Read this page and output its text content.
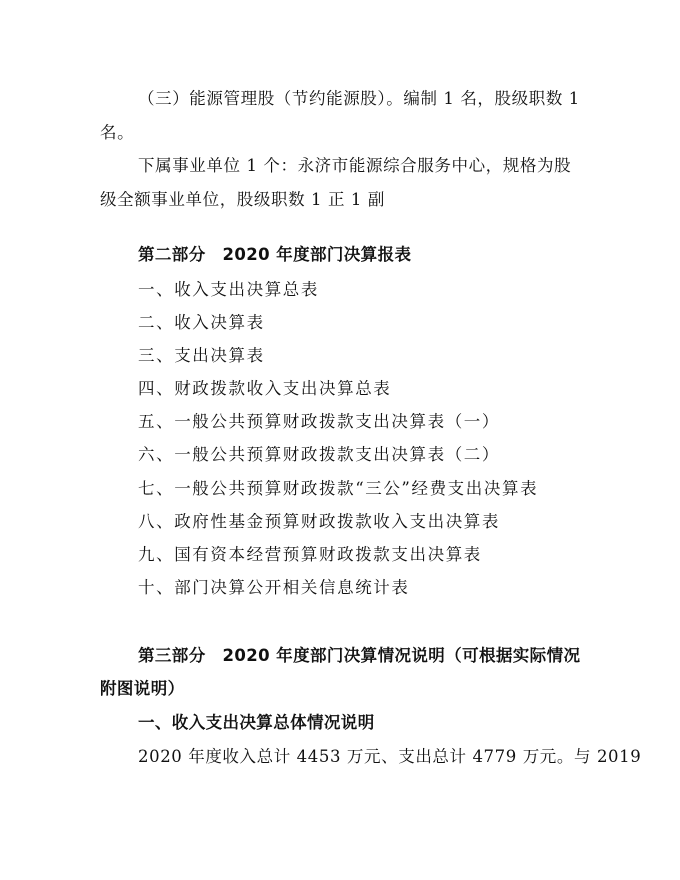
（三）能源管理股（节约能源股）。编制 1 名，股级职数 1
名。
下属事业单位 1 个：永济市能源综合服务中心，规格为股
级全额事业单位，股级职数 1 正 1 副
第二部分　2020 年度部门决算报表
一、收入支出决算总表
二、收入决算表
三、支出决算表
四、财政拨款收入支出决算总表
五、一般公共预算财政拨款支出决算表（一）
六、一般公共预算财政拨款支出决算表（二）
七、一般公共预算财政拨款“三公”经费支出决算表
八、政府性基金预算财政拨款收入支出决算表
九、国有资本经营预算财政拨款支出决算表
十、部门决算公开相关信息统计表
第三部分　2020 年度部门决算情况说明（可根据实际情况
附图说明）
一、收入支出决算总体情况说明
2020 年度收入总计 4453 万元、支出总计 4779 万元。与 2019
